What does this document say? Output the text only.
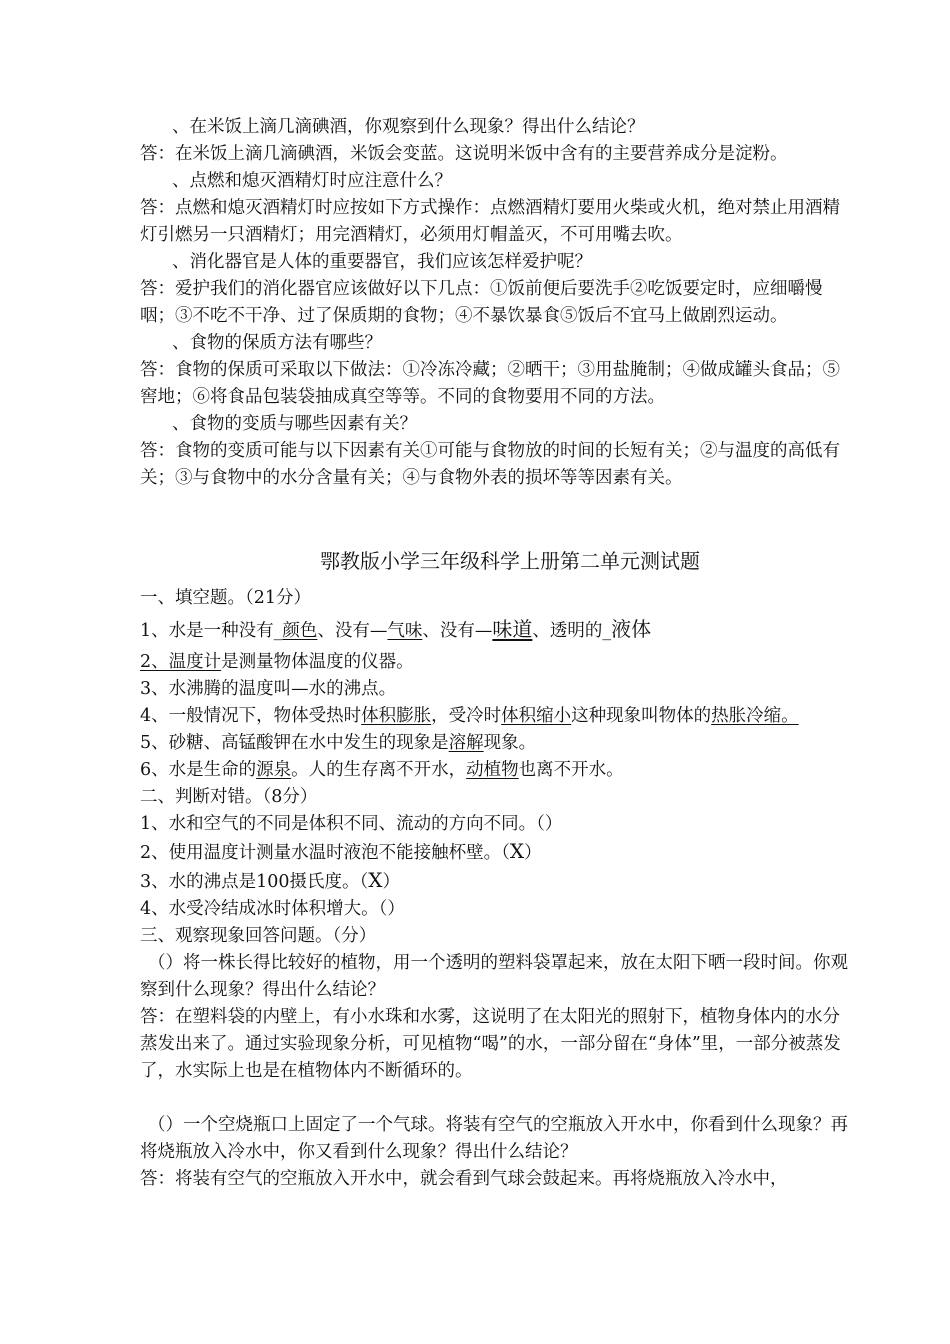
、在米饭上滴几滴碘酒，你观察到什么现象？得出什么结论？
答：在米饭上滴几滴碘酒，米饭会变蓝。这说明米饭中含有的主要营养成分是淀粉。
、点燃和熄灭酒精灯时应注意什么？
答：点燃和熄灭酒精灯时应按如下方式操作：点燃酒精灯要用火柴或火机，绝对禁止用酒精灯引燃另一只酒精灯；用完酒精灯，必须用灯帽盖灭，不可用嘴去吹。
、消化器官是人体的重要器官，我们应该怎样爱护呢？
答：爱护我们的消化器官应该做好以下几点：①饭前便后要洗手②吃饭要定时，应细嚼慢咽；③不吃不干净、过了保质期的食物；④不暴饮暴食⑤饭后不宜马上做剧烈运动。
、食物的保质方法有哪些？
答：食物的保质可采取以下做法：①冷冻冷藏；②晒干；③用盐腌制；④做成罐头食品；⑤窖地；⑥将食品包装袋抽成真空等等。不同的食物要用不同的方法。
、食物的变质与哪些因素有关？
答：食物的变质可能与以下因素有关①可能与食物放的时间的长短有关；②与温度的高低有关；③与食物中的水分含量有关；④与食物外表的损坏等等因素有关。
鄂教版小学三年级科学上册第二单元测试题
一、填空题。（21分）
1、水是一种没有_颜色、没有—气味、没有—味道、透明的_液体
2、温度计是测量物体温度的仪器。
3、水沸腾的温度叫—水的沸点。
4、一般情况下，物体受热时体积膨胀，受冷时体积缩小这种现象叫物体的热胀冷缩。
5、砂糖、高锰酸钾在水中发生的现象是溶解现象。
6、水是生命的源泉。人的生存离不开水，动植物也离不开水。
二、判断对错。（8分）
1、水和空气的不同是体积不同、流动的方向不同。（）
2、使用温度计测量水温时液泡不能接触杯壁。（X）
3、水的沸点是100摄氏度。（X）
4、水受冷结成冰时体积增大。（）
三、观察现象回答问题。（分）
（）将一株长得比较好的植物，用一个透明的塑料袋罩起来，放在太阳下晒一段时间。你观察到什么现象？得出什么结论？
答：在塑料袋的内壁上，有小水珠和水雾，这说明了在太阳光的照射下，植物身体内的水分蒸发出来了。通过实验现象分析，可见植物“喝”的水，一部分留在“身体”里，一部分被蒸发了，水实际上也是在植物体内不断循环的。
（）一个空烧瓶口上固定了一个气球。将装有空气的空瓶放入开水中，你看到什么现象？再将烧瓶放入冷水中，你又看到什么现象？得出什么结论？
答：将装有空气的空瓶放入开水中，就会看到气球会鼓起来。再将烧瓶放入冷水中，
